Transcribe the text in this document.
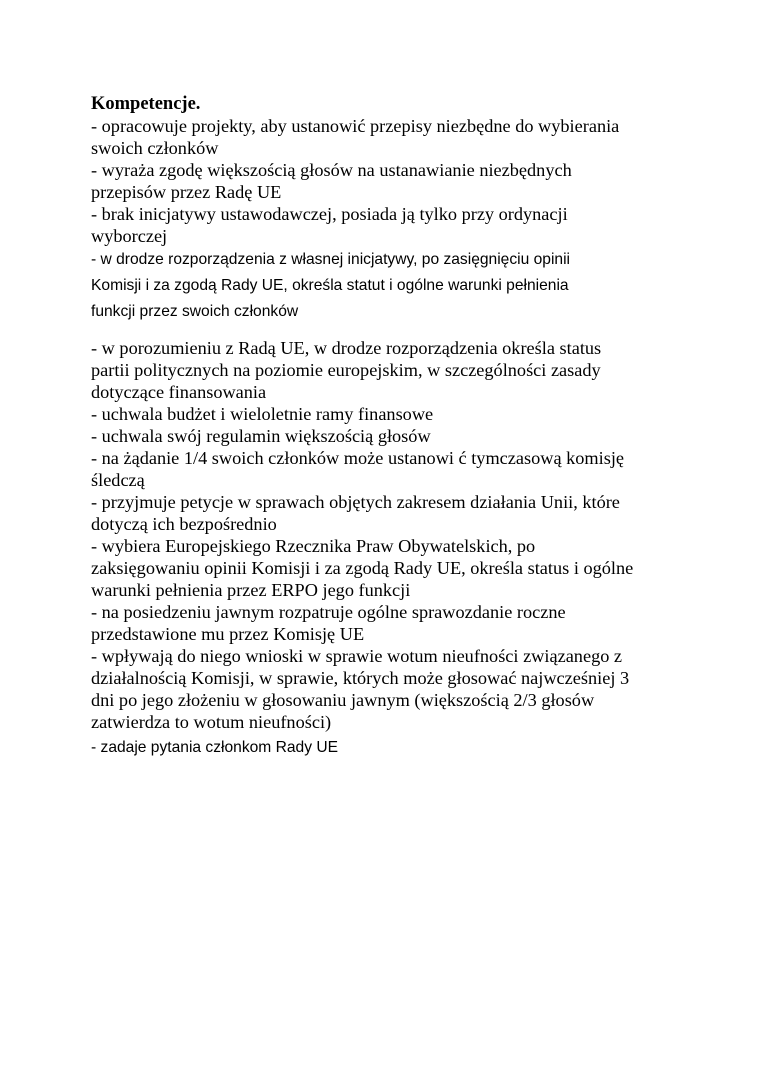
Kompetencje.

- opracowuje projekty, aby ustanowić przepisy niezbędne do wybierania

swoich członków

- wyraża zgodę większością głosów na ustanawianie niezbędnych

przepisów przez Radę UE

- brak inicjatywy ustawodawczej, posiada ją tylko przy ordynacji

wyborczej

- w drodze rozporządzenia z własnej inicjatywy, po zasięgnięciu opinii

Komisji i za zgodą Rady UE, określa statut i ogólne warunki pełnienia

funkcji przez swoich członków

- w porozumieniu z Radą UE, w drodze rozporządzenia określa status

partii politycznych na poziomie europejskim, w szczególności zasady

dotyczące finansowania

- uchwala budżet i wieloletnie ramy finansowe

- uchwala swój regulamin większością głosów

- na żądanie 1/4 swoich członków może ustanowi ć tymczasową komisję

śledczą

- przyjmuje petycje w sprawach objętych zakresem działania Unii, które

dotyczą ich bezpośrednio

- wybiera Europejskiego Rzecznika Praw Obywatelskich, po

zaksięgowaniu opinii Komisji i za zgodą Rady UE, określa status i ogólne

warunki pełnienia przez ERPO jego funkcji

- na posiedzeniu jawnym rozpatruje ogólne sprawozdanie roczne

przedstawione mu przez Komisję UE

- wpływają do niego wnioski w sprawie wotum nieufności związanego z

działalnością Komisji, w sprawie, których może głosować najwcześniej 3

dni po jego złożeniu w głosowaniu jawnym (większością 2/3 głosów

zatwierdza to wotum nieufności)

- zadaje pytania członkom Rady UE
